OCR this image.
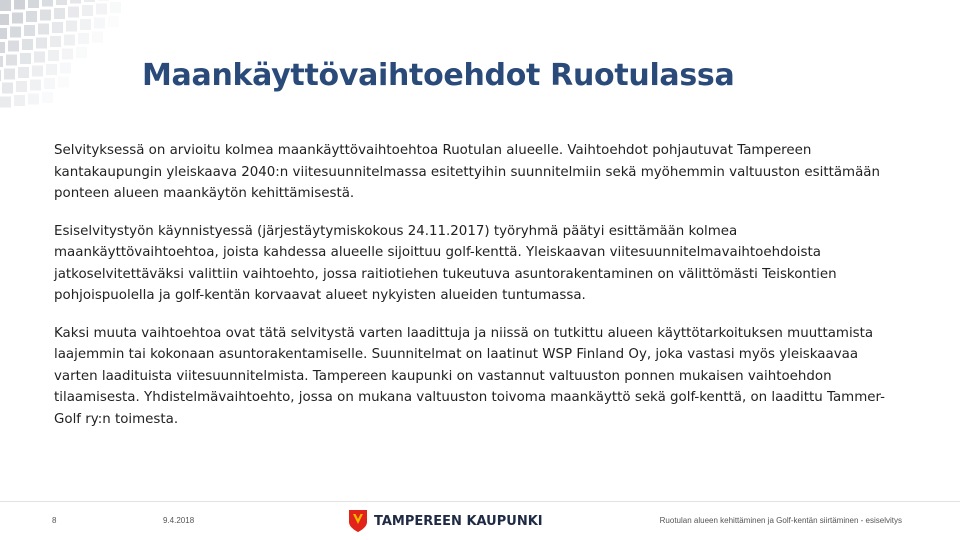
Maankäyttövaihtoehdot Ruotulassa

Selvityksessä on arvioitu kolmea maankäyttövaihtoehtoa Ruotulan alueelle. Vaihtoehdot pohjautuvat Tampereen kantakaupungin yleiskaava 2040:n viitesuunnitelmassa esitettyihin suunnitelmiin sekä myöhemmin valtuuston esittämään ponteen alueen maankäytön kehittämisestä.

Esiselvitystyön käynnistyessä (järjestäytymiskokous 24.11.2017) työryhmä päätyi esittämään kolmea maankäyttövaihtoehtoa, joista kahdessa alueelle sijoittuu golf-kenttä. Yleiskaavan viitesuunnitelmavaihtoehdoista jatkoselvitettäväksi valittiin vaihtoehto, jossa raitiotiehen tukeutuva asuntorakentaminen on välittömästi Teiskontien pohjoispuolella ja golf-kentän korvaavat alueet nykyisten alueiden tuntumassa.

Kaksi muuta vaihtoehtoa ovat tätä selvitystä varten laadittuja ja niissä on tutkittu alueen käyttötarkoituksen muuttamista laajemmin tai kokonaan asuntorakentamiselle. Suunnitelmat on laatinut WSP Finland Oy, joka vastasi myös yleiskaavaa varten laadituista viitesuunnitelmista. Tampereen kaupunki on vastannut valtuuston ponnen mukaisen vaihtoehdon tilaamisesta. Yhdistelmävaihtoehto, jossa on mukana valtuuston toivoma maankäyttö sekä golf-kenttä, on laadittu Tammer-Golf ry:n toimesta.

8	9.4.2018	TAMPEREEN KAUPUNKI	Ruotulan alueen kehittäminen ja Golf-kentän siirtäminen - esiselvitys
